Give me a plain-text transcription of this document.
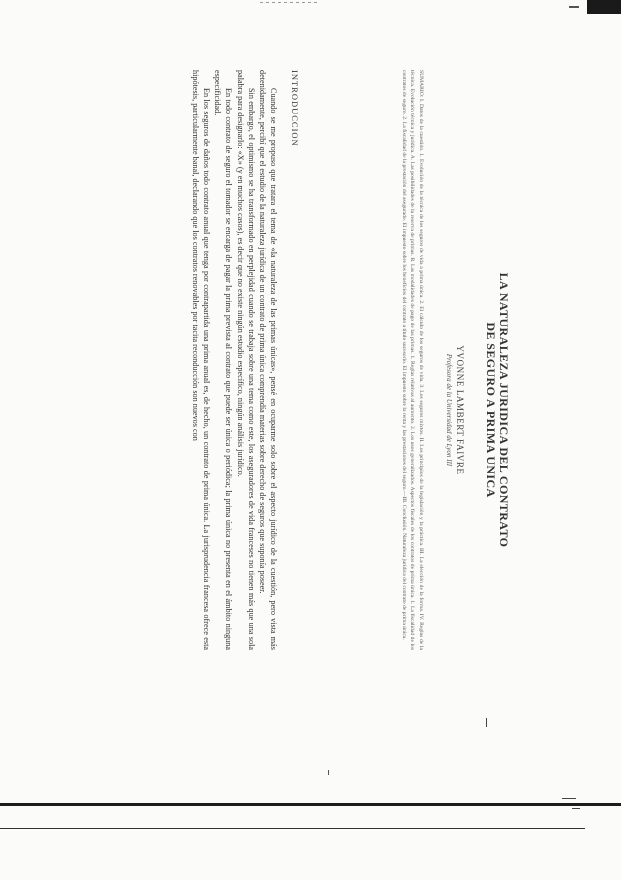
LA NATURALEZA JURIDICA DEL CONTRATO
DE SEGURO A PRIMA UNICA
YVONNE LAMBERT FAIVRE
Profesora de la Universidad de Lyon III
SUMARIO: I. Datos de la cuestión. 1. Evolución de la técnica de los seguros de vida a prima única. 2. El cálculo de los seguros de vida. 3. Los seguros mixtos. II. Los principios de la legislación y la práctica. III. La elección de la forma. IV. Reglas de la técnica. Evolución técnica y jurídica. A. Las posibilidades de la reserva de primas. B. Las modalidades de pago de las primas. 1. Reglas relativas al aumento. 2. Los usos generalizados. Aspectos fiscales de los contratos de prima única. 1. La fiscalidad de los contratos de seguro. 2. La fiscalidad de la prestación del asegurado. El impuesto sobre los beneficios del contrato a título sucesorio. El impuesto sobre la renta y las prestaciones del seguro.—III. Conclusión. Naturaleza jurídica del contrato de prima única.
INTRODUCCION

Cuando se me propuso que tratara el tema de «la naturaleza de las primas únicas», pensé en ocuparme solo sobre el aspecto jurídico de la cuestión, pero vista más detenidamente, percibí que el estudio de la naturaleza jurídica de un contrato de prima única comprendía materias sobre derecho de seguros que suponía poseer.

Sin embargo, el optimismo se ha transformado en perplejidad cuando se trabaja sobre una tema como este, los aseguradores de vida franceses no tienen más que una sola palabra para designarlo: «X» (y en muchos casos), es decir que no existe ningún estudio específico, ningún análisis jurídico.

En todo contrato de seguro el tomador se encarga de pagar la prima prevista al contrato que puede ser única o periódica; la prima única no presenta en el ámbito ninguna especificidad.

En los seguros de daños todo contrato anual que tenga por contrapartida una prima anual es, de hecho, un contrato de prima única. La jurisprudencia francesa ofrece esta hipótesis, particularmente banal, declarando que los contratos renovables por tacita reconducción son nuevos con
